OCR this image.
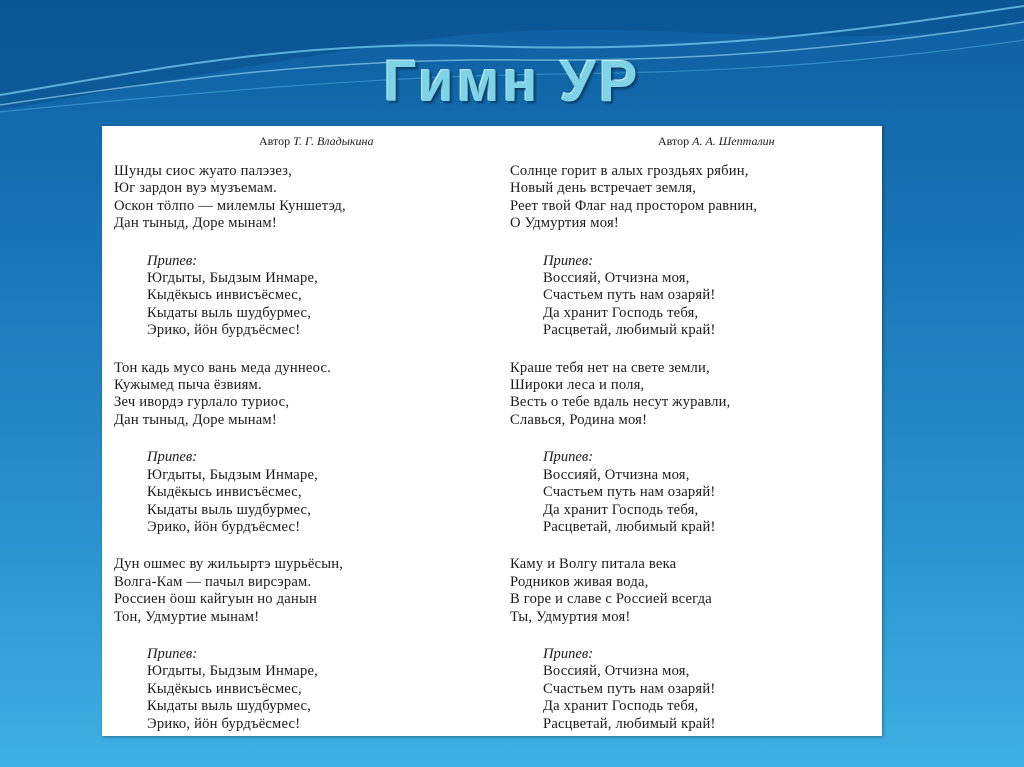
Гимн УР
Автор Т. Г. Владыкина
Шунды сиос жуато палэзез,
Юг зардон вуэ музъемам.
Оскон тӧлпо — милемлы Куншетэд,
Дан тыныд, Доре мынам!
Припев:
Югдыты, Быдзым Инмаре,
Кыдёкысь инвисъёсмес,
Кыдаты выль шудбурмес,
Эрико, йӧн бурдъёсмес!
Тон кадь мусо вань меда дуннеос.
Кужымед пыча ёзвиям.
Зеч ивордэ гурлало туриос,
Дан тыныд, Доре мынам!
Припев:
Югдыты, Быдзым Инмаре,
Кыдёкысь инвисъёсмес,
Кыдаты выль шудбурмес,
Эрико, йӧн бурдъёсмес!
Дун ошмес ву жильыртэ шурьёсын,
Волга-Кам — пачыл вирсэрам.
Россиен ӧош кайгуын но данын
Тон, Удмуртие мынам!
Припев:
Югдыты, Быдзым Инмаре,
Кыдёкысь инвисъёсмес,
Кыдаты выль шудбурмес,
Эрико, йӧн бурдъёсмес!
Автор А. А. Шепталин
Солнце горит в алых гроздьях рябин,
Новый день встречает земля,
Реет твой Флаг над простором равнин,
О Удмуртия моя!
Припев:
Воссияй, Отчизна моя,
Счастьем путь нам озаряй!
Да хранит Господь тебя,
Расцветай, любимый край!
Краше тебя нет на свете земли,
Широки леса и поля,
Весть о тебе вдаль несут журавли,
Славься, Родина моя!
Припев:
Воссияй, Отчизна моя,
Счастьем путь нам озаряй!
Да хранит Господь тебя,
Расцветай, любимый край!
Каму и Волгу питала века
Родников живая вода,
В горе и славе с Россией всегда
Ты, Удмуртия моя!
Припев:
Воссияй, Отчизна моя,
Счастьем путь нам озаряй!
Да хранит Господь тебя,
Расцветай, любимый край!
